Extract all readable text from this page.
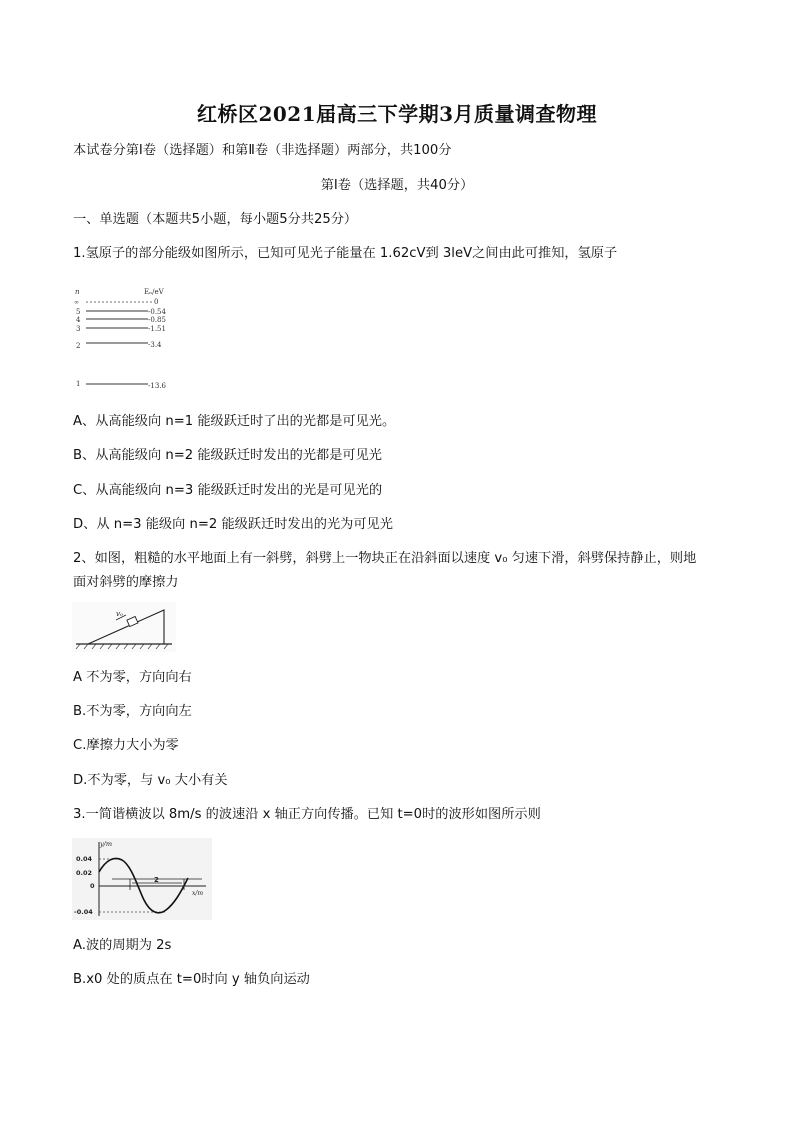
红桥区2021届高三下学期3月质量调查物理
本试卷分第Ⅰ卷（选择题）和第Ⅱ卷（非选择题）两部分，共100分
第Ⅰ卷（选择题，共40分）
一、单选题（本题共5小题，每小题5分共25分）
1.氢原子的部分能级如图所示，已知可见光子能量在 1.62cV到 3leV之间由此可推知，氢原子
n	Eₙ/eV
∞	0
5	-0.54
4	-0.85
3	-1.51
2	-3.4
1	-13.6
A、从高能级向 n=1 能级跃迁时了出的光都是可见光。
B、从高能级向 n=2 能级跃迁时发出的光都是可见光
C、从高能级向 n=3 能级跃迁时发出的光是可见光的
D、从 n=3 能级向 n=2 能级跃迁时发出的光为可见光
2、如图，粗糙的水平地面上有一斜劈，斜劈上一物块正在沿斜面以速度 v₀ 匀速下滑，斜劈保持静止，则地
面对斜劈的摩擦力
v₀
A 不为零，方向向右
B.不为零，方向向左
C.摩擦力大小为零
D.不为零，与 v₀ 大小有关
3.一简谐横波以 8m/s 的波速沿 x 轴正方向传播。已知 t=0时的波形如图所示则
y/m
x/m
0.04
0.02
0
-0.04
2
A.波的周期为 2s
B.x0 处的质点在 t=0时向 y 轴负向运动
